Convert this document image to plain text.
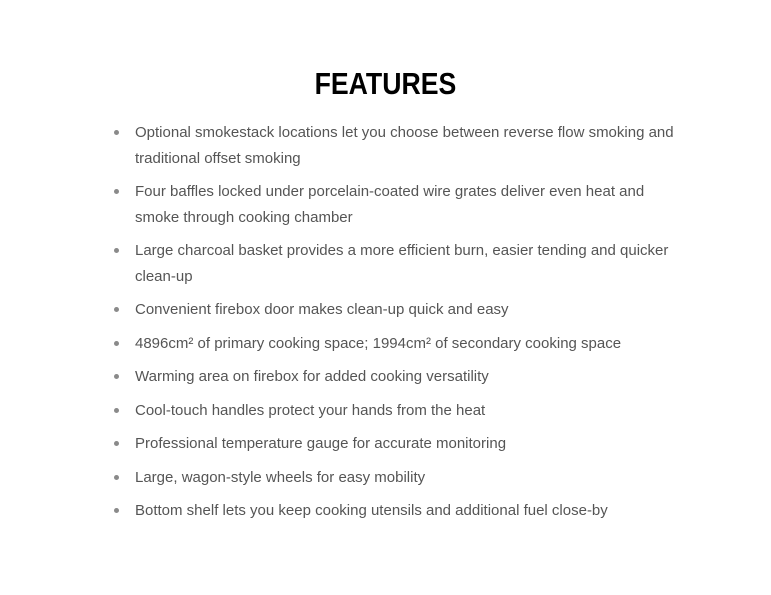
FEATURES
Optional smokestack locations let you choose between reverse flow smoking and traditional offset smoking
Four baffles locked under porcelain-coated wire grates deliver even heat and smoke through cooking chamber
Large charcoal basket provides a more efficient burn, easier tending and quicker clean-up
Convenient firebox door makes clean-up quick and easy
4896cm² of primary cooking space; 1994cm² of secondary cooking space
Warming area on firebox for added cooking versatility
Cool-touch handles protect your hands from the heat
Professional temperature gauge for accurate monitoring
Large, wagon-style wheels for easy mobility
Bottom shelf lets you keep cooking utensils and additional fuel close-by
